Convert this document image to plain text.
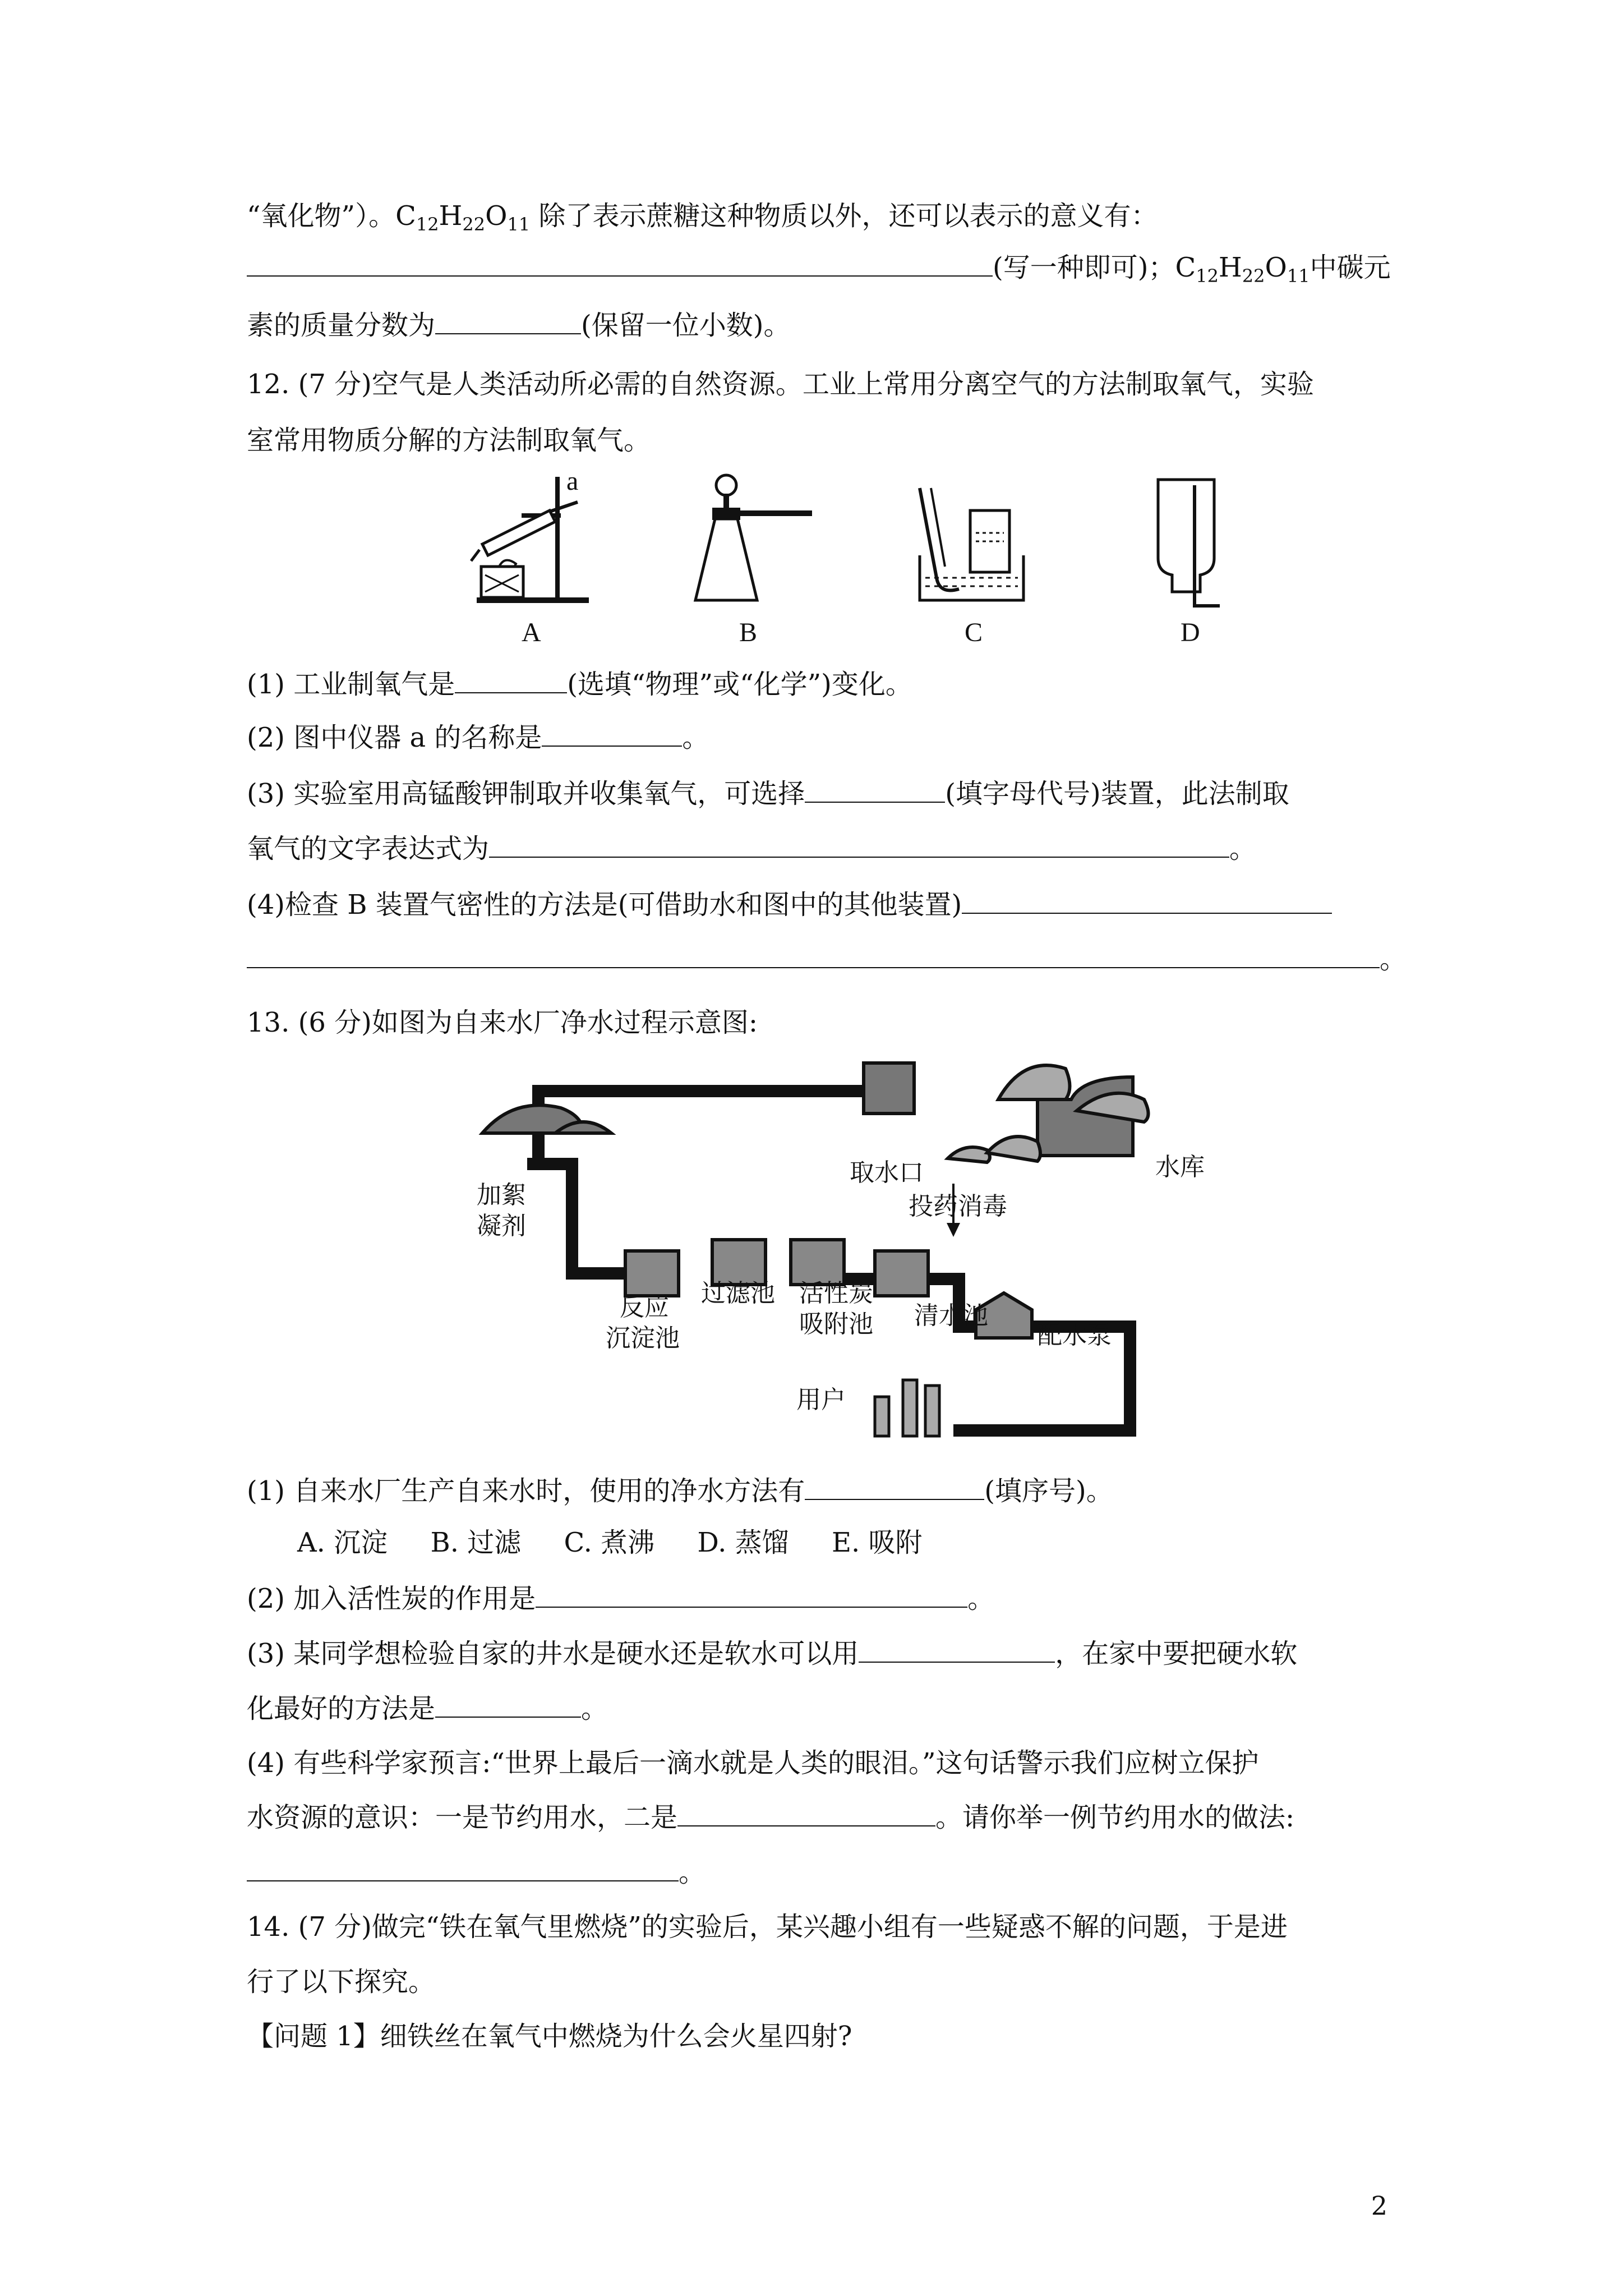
“氧化物”）。$C_{12}H_{22}O_{11}$ 除了表示蔗糖这种物质以外，还可以表示的意义有：
(写一种即可)；$C_{12}H_{22}O_{11}$中碳元
素的质量分数为	(保留一位小数)。
12. (7 分)空气是人类活动所必需的自然资源。工业上常用分离空气的方法制取氧气，实验
室常用物质分解的方法制取氧气。
a
A	B	C	D
(1) 工业制氧气是	(选填“物理”或“化学”)变化。
(2) 图中仪器 a 的名称是	。
(3) 实验室用高锰酸钾制取并收集氧气，可选择	(填字母代号)装置，此法制取
氧气的文字表达式为	。
(4)检查 B 装置气密性的方法是(可借助水和图中的其他装置)
。
13. (6 分)如图为自来水厂净水过程示意图:
水库
取水口
加絮
凝剂
投药消毒
反应
沉淀池
过滤池 活性炭
吸附池 清水池
配水泵
用户
(1) 自来水厂生产自来水时，使用的净水方法有	(填序号)。
A. 沉淀     B. 过滤     C. 煮沸     D. 蒸馏     E. 吸附
(2) 加入活性炭的作用是	。
(3) 某同学想检验自家的井水是硬水还是软水可以用	，在家中要把硬水软
化最好的方法是	。
(4) 有些科学家预言:“世界上最后一滴水就是人类的眼泪。”这句话警示我们应树立保护
水资源的意识：一是节约用水，二是	。请你举一例节约用水的做法:
。
14. (7 分)做完“铁在氧气里燃烧”的实验后，某兴趣小组有一些疑惑不解的问题，于是进
行了以下探究。
【问题 1】细铁丝在氧气中燃烧为什么会火星四射?
2
